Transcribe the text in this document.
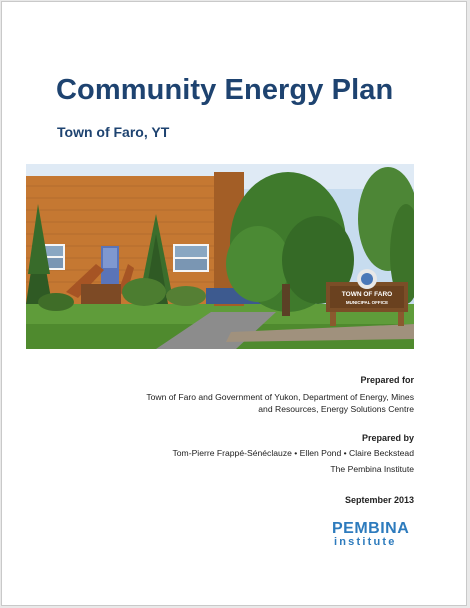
Community Energy Plan
Town of Faro, YT
TOWN OF FARO
MUNICIPAL OFFICE
Prepared for
Town of Faro and Government of Yukon, Department of Energy, Mines
and Resources, Energy Solutions Centre
Prepared by
Tom-Pierre Frappé-Sénéclauze • Ellen Pond • Claire Beckstead
The Pembina Institute
September 2013
PEMBINA
institute
